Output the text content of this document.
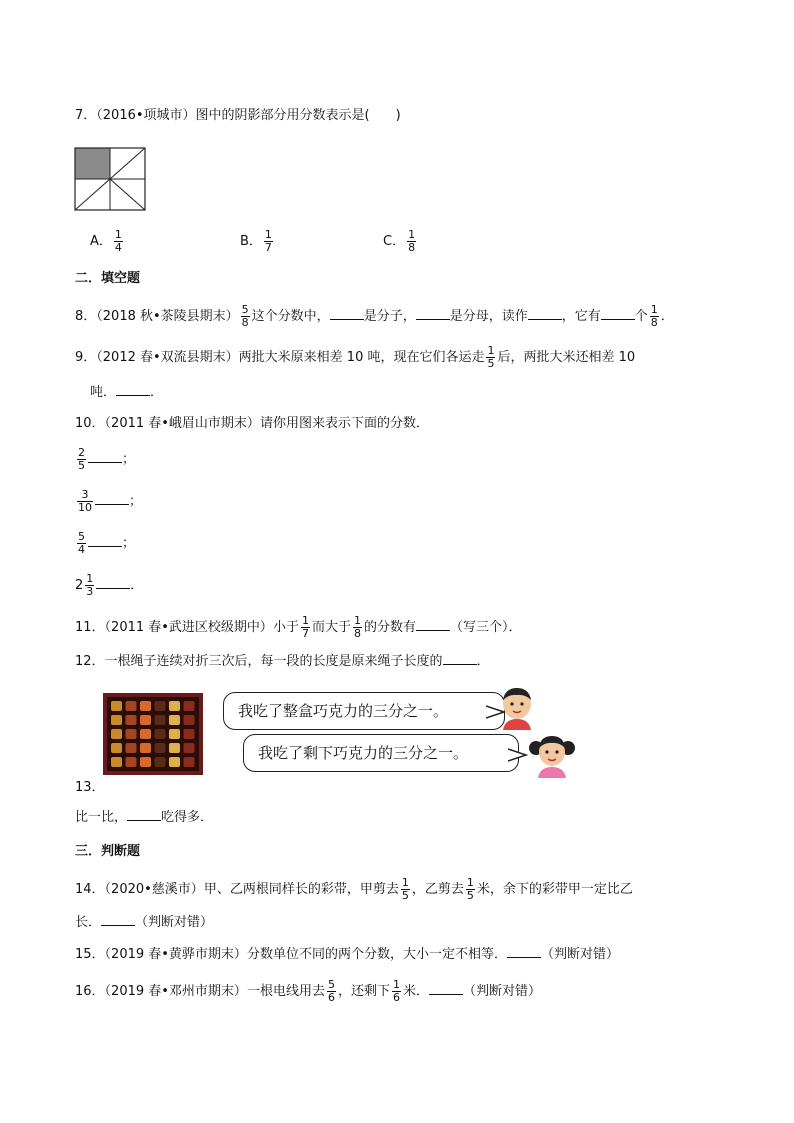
7．（2016•项城市）图中的阴影部分用分数表示是(　　)
A． $\frac{1}{4}$	B． $\frac{1}{7}$	C． $\frac{1}{8}$
二．填空题
8．（2018 秋•茶陵县期末） $\frac{5}{8}$ 这个分数中，	是分子，	是分母，读作	，它有	个 $\frac{1}{8}$ ．
9．（2012 春•双流县期末）两批大米原来相差 10 吨，现在它们各运走 $\frac{1}{5}$ 后，两批大米还相差 10
吨．	．
10．（2011 春•峨眉山市期末）请你用图来表示下面的分数．
$\frac{2}{5}$	；
$\frac{3}{10}$	；
$\frac{5}{4}$	；
$2 \frac{1}{3}$	．
11．（2011 春•武进区校级期中）小于 $\frac{1}{7}$ 而大于 $\frac{1}{8}$ 的分数有	（写三个）．
12．一根绳子连续对折三次后，每一段的长度是原来绳子长度的	．
我吃了整盒巧克力的三分之一。
我吃了剩下巧克力的三分之一。
13．
比一比，	吃得多．
三．判断题
14．（2020•慈溪市）甲、乙两根同样长的彩带，甲剪去 $\frac{1}{5}$ ，乙剪去 $\frac{1}{5}$ 米，余下的彩带甲一定比乙
长．	（判断对错）
15．（2019 春•黄骅市期末）分数单位不同的两个分数，大小一定不相等．	（判断对错）
16．（2019 春•邓州市期末）一根电线用去 $\frac{5}{6}$ ，还剩下 $\frac{1}{6}$ 米．	（判断对错）
